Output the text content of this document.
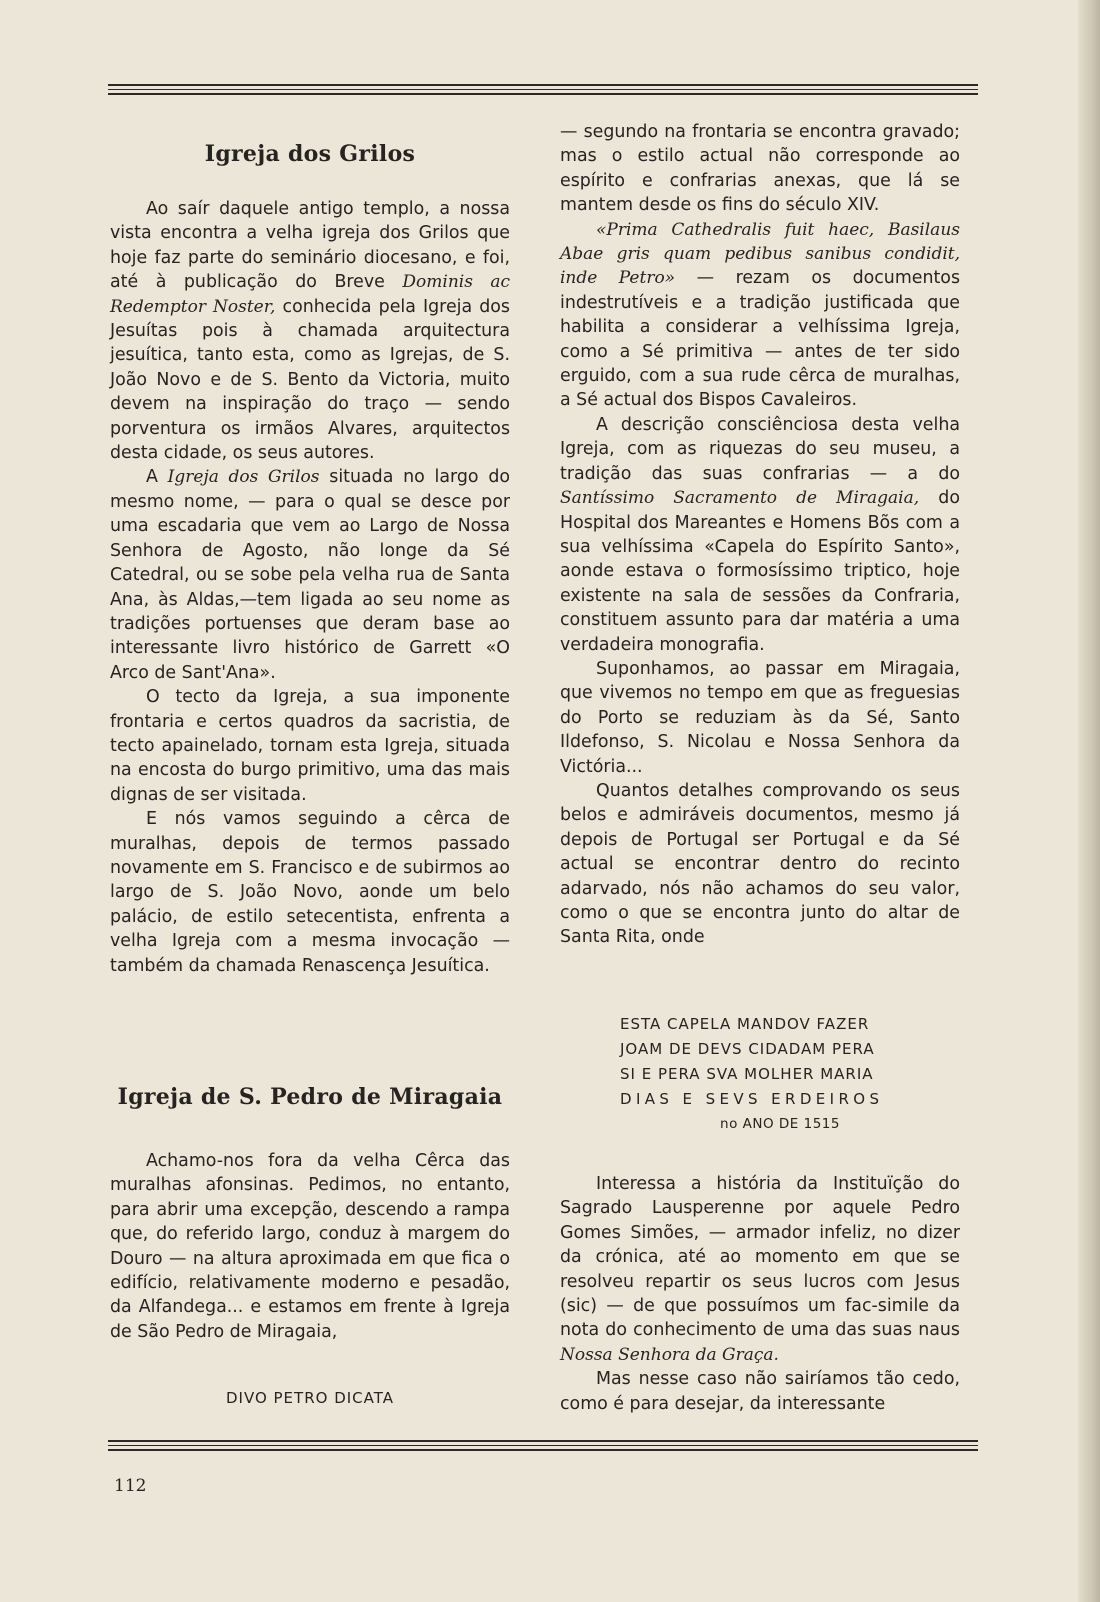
Igreja dos Grilos

Ao saír daquele antigo templo, a nossa vista encontra a velha igreja dos Grilos que hoje faz parte do seminário diocesano, e foi, até à publicação do Breve Dominis ac Redemptor Noster, conhecida pela Igreja dos Jesuítas pois à chamada arquitectura jesuítica, tanto esta, como as Igrejas, de S. João Novo e de S. Bento da Victoria, muito devem na inspiração do traço — sendo porventura os irmãos Alvares, arquitectos desta cidade, os seus autores.

A Igreja dos Grilos situada no largo do mesmo nome, — para o qual se desce por uma escadaria que vem ao Largo de Nossa Senhora de Agosto, não longe da Sé Catedral, ou se sobe pela velha rua de Santa Ana, às Aldas,—tem ligada ao seu nome as tradições portuenses que deram base ao interessante livro histórico de Garrett «O Arco de Sant'Ana».

O tecto da Igreja, a sua imponente frontaria e certos quadros da sacristia, de tecto apainelado, tornam esta Igreja, situada na encosta do burgo primitivo, uma das mais dignas de ser visitada.

E nós vamos seguindo a cêrca de muralhas, depois de termos passado novamente em S. Francisco e de subirmos ao largo de S. João Novo, aonde um belo palácio, de estilo setecentista, enfrenta a velha Igreja com a mesma invocação — também da chamada Renascença Jesuítica.

Igreja de S. Pedro de Miragaia

Achamo-nos fora da velha Cêrca das muralhas afonsinas. Pedimos, no entanto, para abrir uma excepção, descendo a rampa que, do referido largo, conduz à margem do Douro — na altura aproximada em que fica o edifício, relativamente moderno e pesadão, da Alfandega... e estamos em frente à Igreja de São Pedro de Miragaia,

DIVO PETRO DICATA

— segundo na frontaria se encontra gravado; mas o estilo actual não corresponde ao espírito e confrarias anexas, que lá se mantem desde os fins do século XIV.

«Prima Cathedralis fuit haec, Basilaus Abae gris quam pedibus sanibus condidit, inde Petro» — rezam os documentos indestrutíveis e a tradição justificada que habilita a considerar a velhíssima Igreja, como a Sé primitiva — antes de ter sido erguido, com a sua rude cêrca de muralhas, a Sé actual dos Bispos Cavaleiros.

A descrição consciênciosa desta velha Igreja, com as riquezas do seu museu, a tradição das suas confrarias — a do Santíssimo Sacramento de Miragaia, do Hospital dos Mareantes e Homens Bõs com a sua velhíssima «Capela do Espírito Santo», aonde estava o formosíssimo triptico, hoje existente na sala de sessões da Confraria, constituem assunto para dar matéria a uma verdadeira monografia.

Suponhamos, ao passar em Miragaia, que vivemos no tempo em que as freguesias do Porto se reduziam às da Sé, Santo Ildefonso, S. Nicolau e Nossa Senhora da Victória...

Quantos detalhes comprovando os seus belos e admiráveis documentos, mesmo já depois de Portugal ser Portugal e da Sé actual se encontrar dentro do recinto adarvado, nós não achamos do seu valor, como o que se encontra junto do altar de Santa Rita, onde

ESTA CAPELA MANDOV FAZER
JOAM DE DEVS CIDADAM PERA
SI E PERA SVA MOLHER MARIA
DIAS E SEVS ERDEIROS
no ANO DE 1515

Interessa a história da Instituïção do Sagrado Lausperenne por aquele Pedro Gomes Simões, — armador infeliz, no dizer da crónica, até ao momento em que se resolveu repartir os seus lucros com Jesus (sic) — de que possuímos um fac-simile da nota do conhecimento de uma das suas naus Nossa Senhora da Graça.

Mas nesse caso não sairíamos tão cedo, como é para desejar, da interessante

112
